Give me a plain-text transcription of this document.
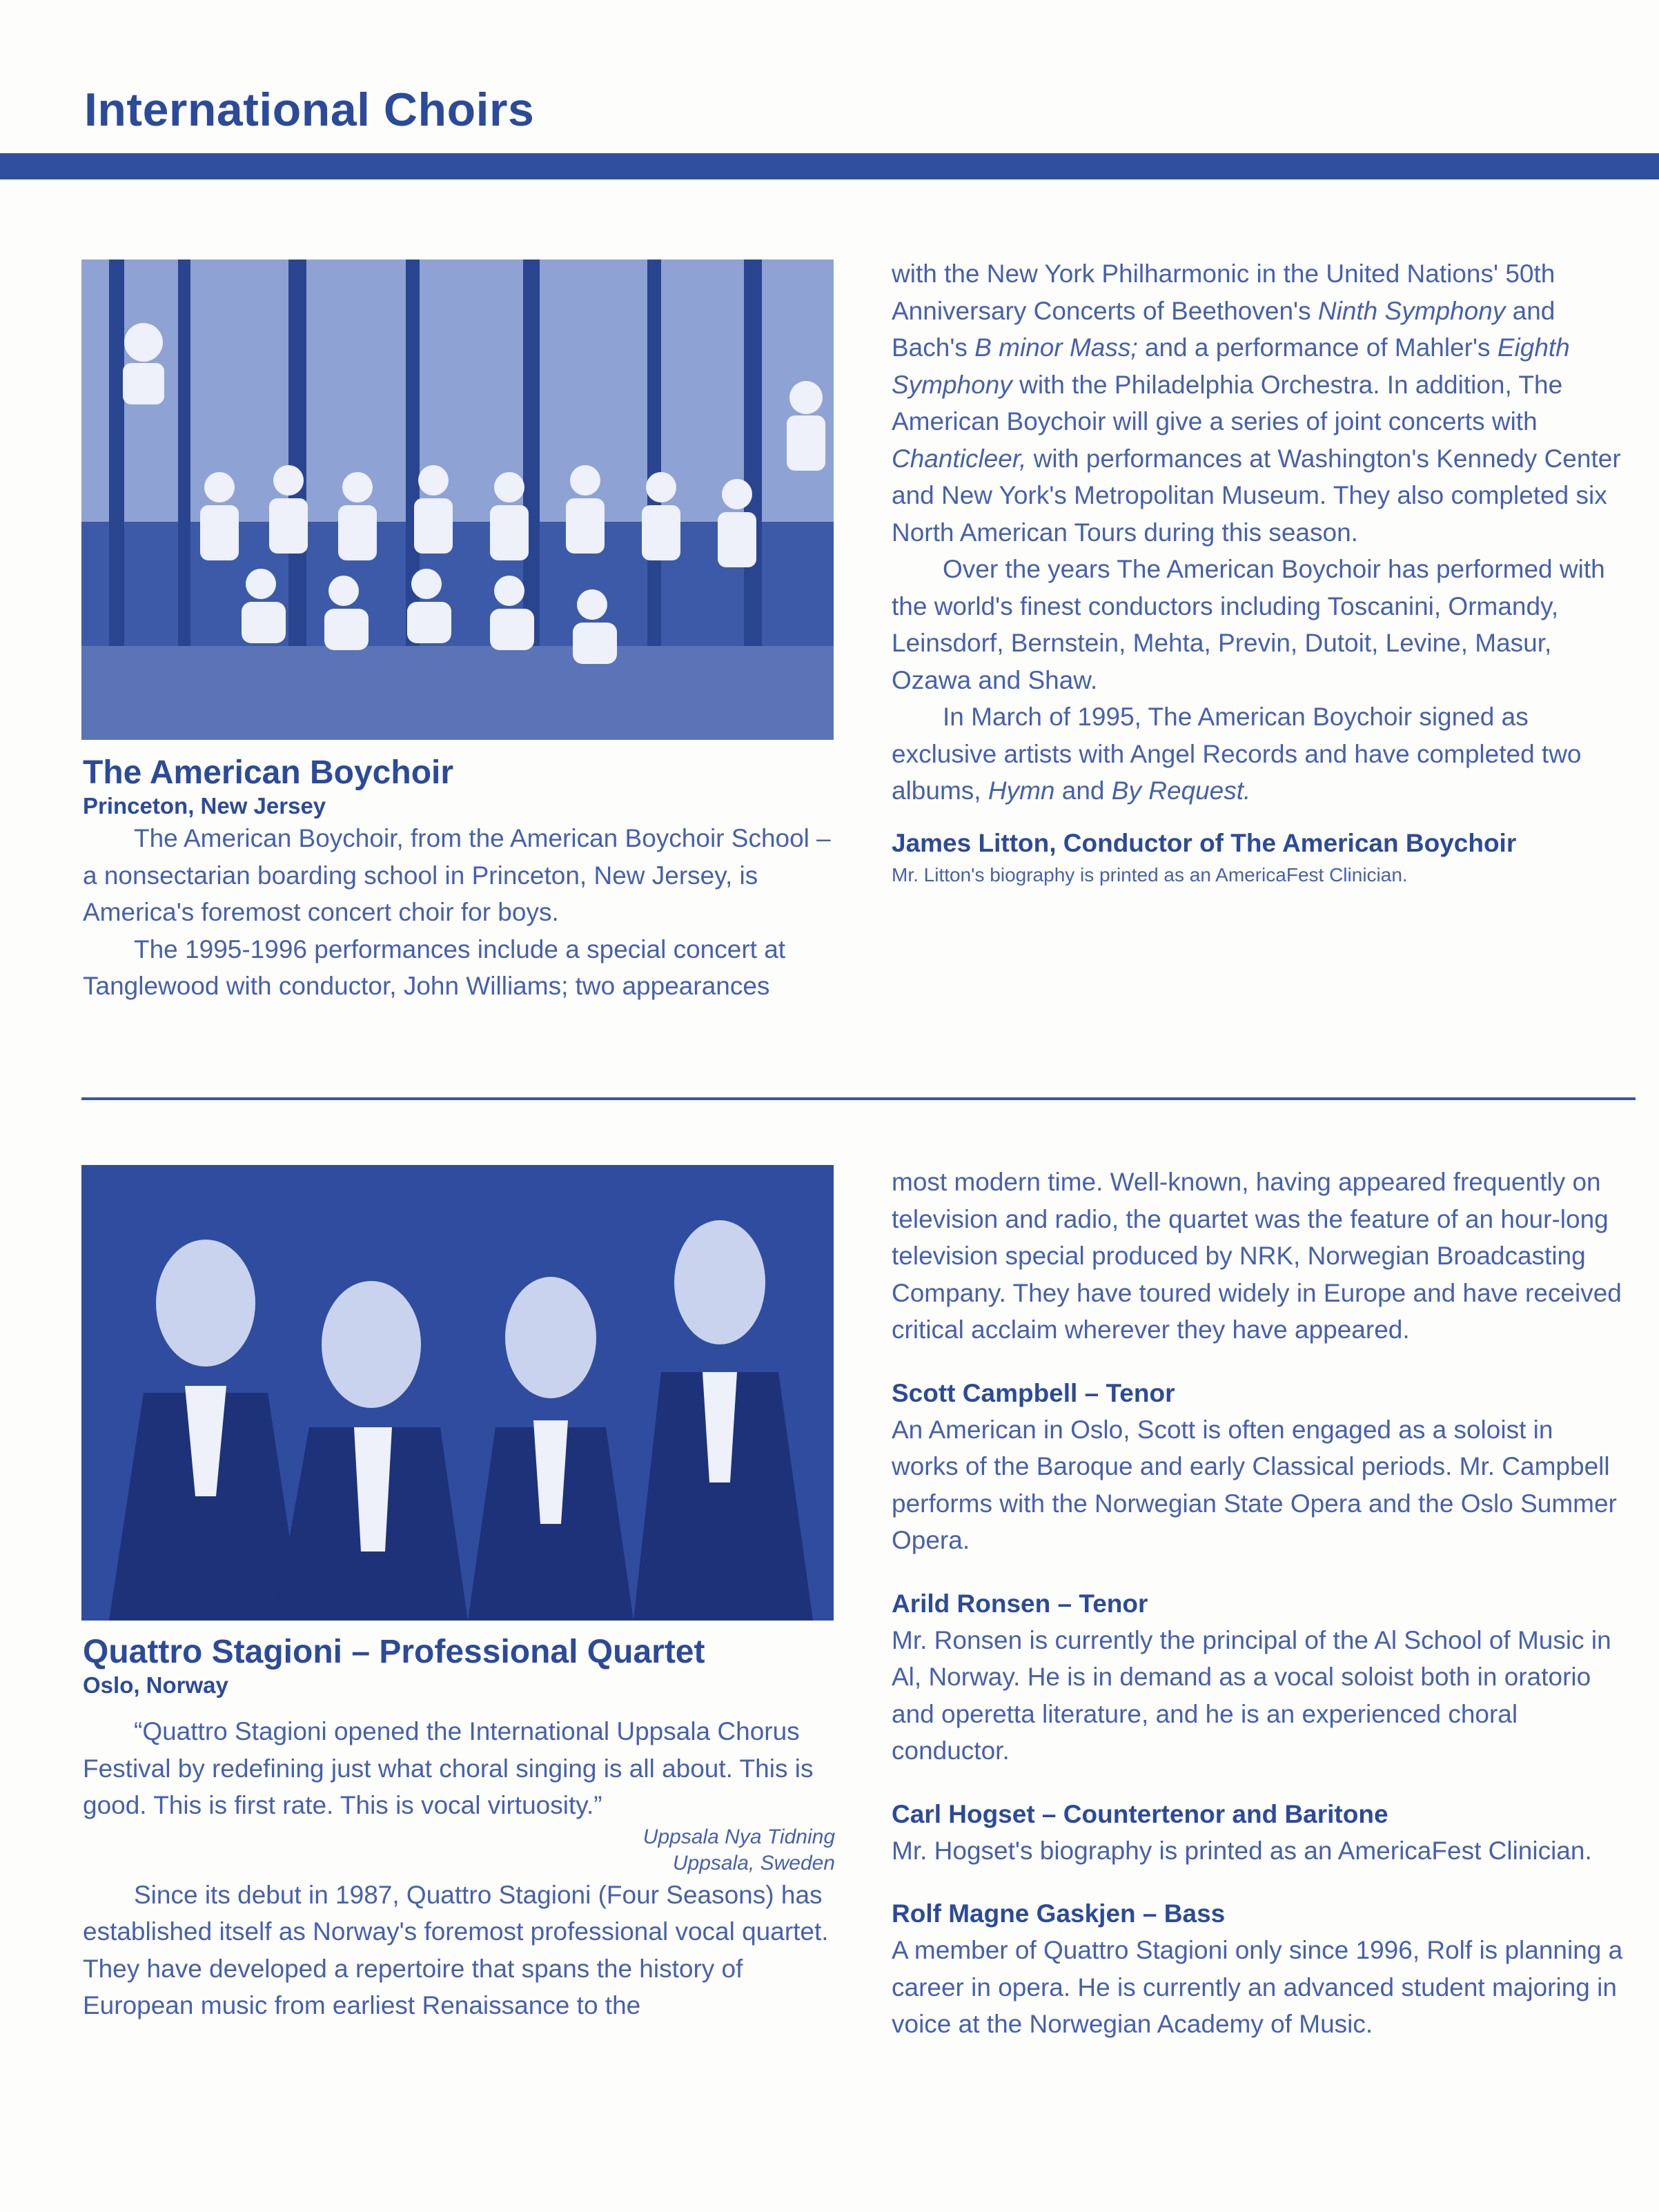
International Choirs

The American Boychoir

Princeton, New Jersey

The American Boychoir, from the American Boychoir School – a nonsectarian boarding school in Princeton, New Jersey, is America's foremost concert choir for boys.

The 1995-1996 performances include a special concert at Tanglewood with conductor, John Williams; two appearances

with the New York Philharmonic in the United Nations' 50th Anniversary Concerts of Beethoven's Ninth Symphony and Bach's B minor Mass; and a performance of Mahler's Eighth Symphony with the Philadelphia Orchestra. In addition, The American Boychoir will give a series of joint concerts with Chanticleer, with performances at Washington's Kennedy Center and New York's Metropolitan Museum. They also completed six North American Tours during this season.

Over the years The American Boychoir has performed with the world's finest conductors including Toscanini, Ormandy, Leinsdorf, Bernstein, Mehta, Previn, Dutoit, Levine, Masur, Ozawa and Shaw.

In March of 1995, The American Boychoir signed as exclusive artists with Angel Records and have completed two albums, Hymn and By Request.

James Litton, Conductor of The American Boychoir

Mr. Litton's biography is printed as an AmericaFest Clinician.

Quattro Stagioni – Professional Quartet

Oslo, Norway

“Quattro Stagioni opened the International Uppsala Chorus Festival by redefining just what choral singing is all about. This is good. This is first rate. This is vocal virtuosity.”

Uppsala Nya Tidning
Uppsala, Sweden

Since its debut in 1987, Quattro Stagioni (Four Seasons) has established itself as Norway's foremost professional vocal quartet. They have developed a repertoire that spans the history of European music from earliest Renaissance to the

most modern time. Well-known, having appeared frequently on television and radio, the quartet was the feature of an hour-long television special produced by NRK, Norwegian Broadcasting Company. They have toured widely in Europe and have received critical acclaim wherever they have appeared.

Scott Campbell – Tenor

An American in Oslo, Scott is often engaged as a soloist in works of the Baroque and early Classical periods. Mr. Campbell performs with the Norwegian State Opera and the Oslo Summer Opera.

Arild Ronsen – Tenor

Mr. Ronsen is currently the principal of the Al School of Music in Al, Norway. He is in demand as a vocal soloist both in oratorio and operetta literature, and he is an experienced choral conductor.

Carl Hogset – Countertenor and Baritone

Mr. Hogset's biography is printed as an AmericaFest Clinician.

Rolf Magne Gaskjen – Bass

A member of Quattro Stagioni only since 1996, Rolf is planning a career in opera. He is currently an advanced student majoring in voice at the Norwegian Academy of Music.
